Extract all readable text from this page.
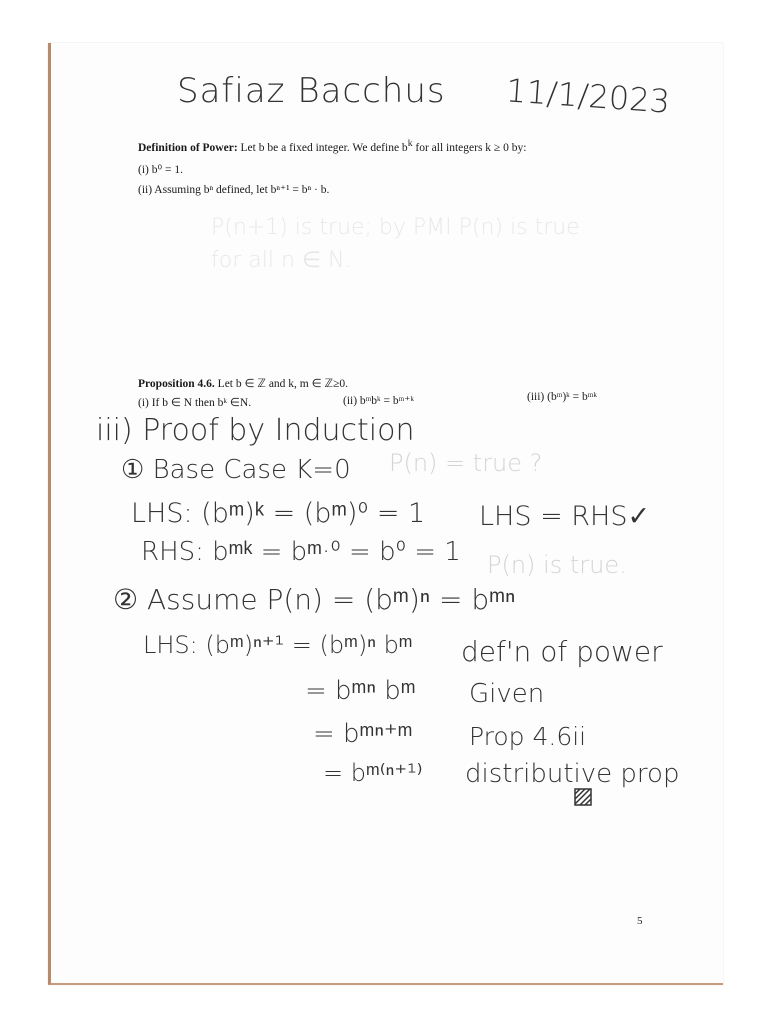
Safiaz Bacchus 11/1/2023
Definition of Power: Let b be a fixed integer. We define $b^k$ for all integers k ≥ 0 by:
(i) b⁰ = 1.
(ii) Assuming bⁿ defined, let bⁿ⁺¹ = bⁿ · b.
P(n+1) is true; by PMI P(n) is true
for all n ∈ N.
Proposition 4.6. Let b ∈ ℤ and k, m ∈ ℤ≥0.
(i) If b ∈ N then bᵏ ∈N.	(ii) bᵐbᵏ = bᵐ⁺ᵏ	(iii) (bᵐ)ᵏ = bᵐᵏ
iii) Proof by Induction
① Base Case K=0 P(n) = true ?
LHS: (bᵐ)ᵏ = (bᵐ)⁰ = 1 LHS = RHS✓
RHS: bᵐᵏ = bᵐ·⁰ = b⁰ = 1 P(n) is true.
② Assume P(n) = (bᵐ)ⁿ = bᵐⁿ
LHS: (bᵐ)ⁿ⁺¹ = (bᵐ)ⁿ bᵐ def'n of power
= bᵐⁿ bᵐ Given
= bᵐⁿ⁺ᵐ Prop 4.6ii
= bᵐ⁽ⁿ⁺¹⁾ distributive prop
5
